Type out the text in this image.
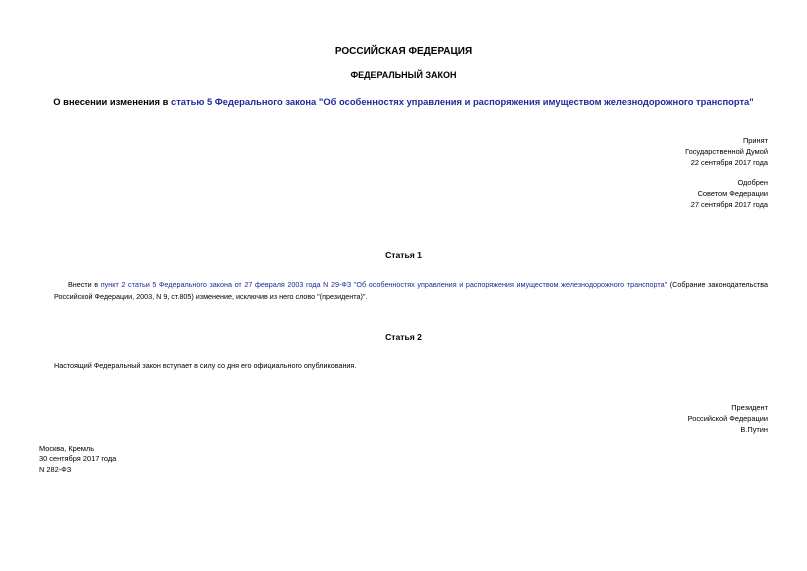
РОССИЙСКАЯ ФЕДЕРАЦИЯ
ФЕДЕРАЛЬНЫЙ ЗАКОН
О внесении изменения в статью 5 Федерального закона "Об особенностях управления и распоряжения имуществом железнодорожного транспорта"
Принят
Государственной Думой
22 сентября 2017 года
Одобрен
Советом Федерации
27 сентября 2017 года
Статья 1
Внести в пункт 2 статьи 5 Федерального закона от 27 февраля 2003 года N 29-ФЗ "Об особенностях управления и распоряжения имуществом железнодорожного транспорта" (Собрание законодательства Российской Федерации, 2003, N 9, ст.805) изменение, исключив из него слово "(президента)".
Статья 2
Настоящий Федеральный закон вступает в силу со дня его официального опубликования.
Президент
Российской Федерации
В.Путин
Москва, Кремль
30 сентября 2017 года
N 282-ФЗ
